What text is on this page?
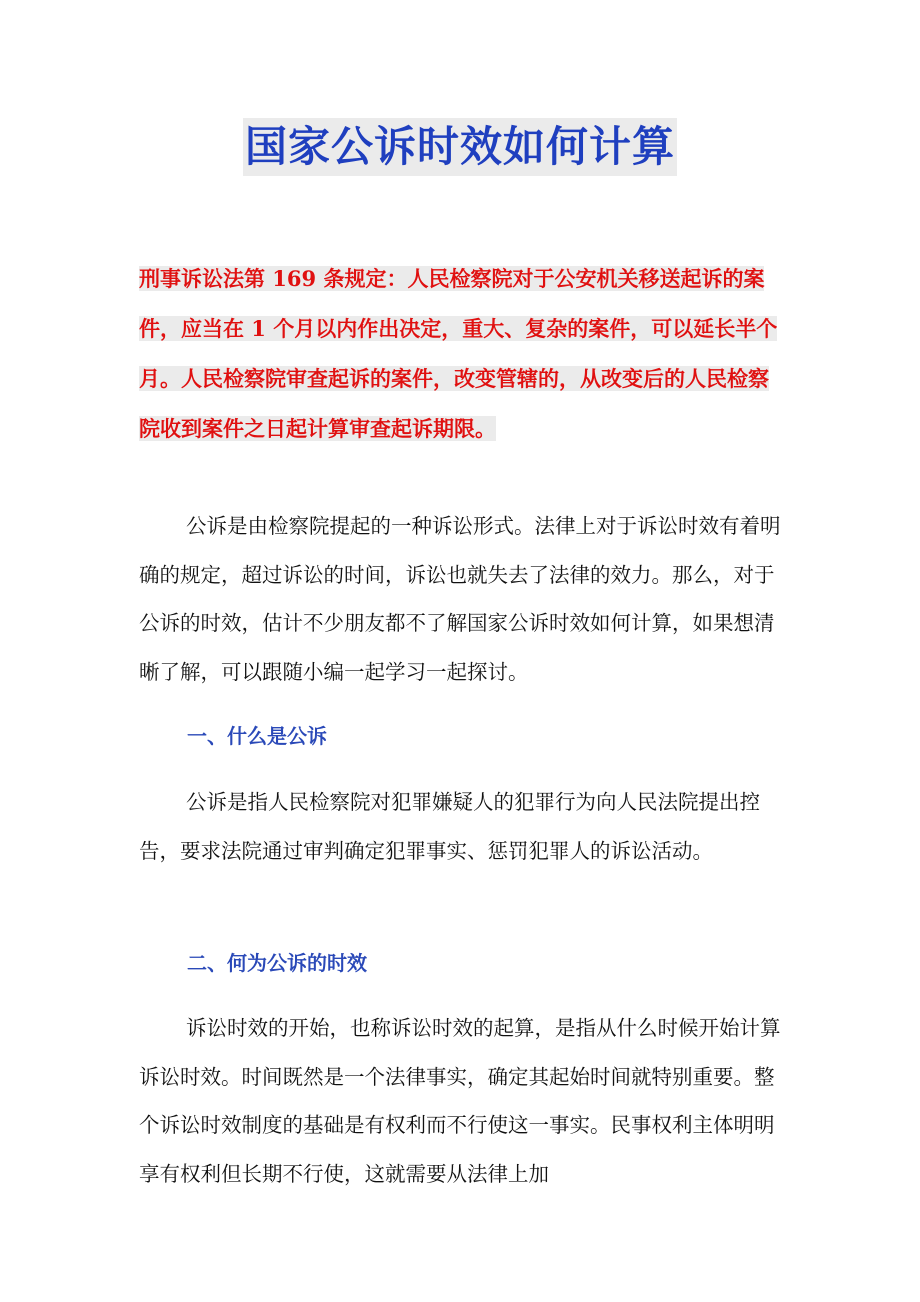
国家公诉时效如何计算
刑事诉讼法第 169 条规定：人民检察院对于公安机关移送起诉的案件，应当在 1 个月以内作出决定，重大、复杂的案件，可以延长半个月。人民检察院审查起诉的案件，改变管辖的，从改变后的人民检察院收到案件之日起计算审查起诉期限。

公诉是由检察院提起的一种诉讼形式。法律上对于诉讼时效有着明确的规定，超过诉讼的时间，诉讼也就失去了法律的效力。那么，对于公诉的时效，估计不少朋友都不了解国家公诉时效如何计算，如果想清晰了解，可以跟随小编一起学习一起探讨。

一、什么是公诉

公诉是指人民检察院对犯罪嫌疑人的犯罪行为向人民法院提出控告，要求法院通过审判确定犯罪事实、惩罚犯罪人的诉讼活动。

二、何为公诉的时效

诉讼时效的开始，也称诉讼时效的起算，是指从什么时候开始计算诉讼时效。时间既然是一个法律事实，确定其起始时间就特别重要。整个诉讼时效制度的基础是有权利而不行使这一事实。民事权利主体明明享有权利但长期不行使，这就需要从法律上加
